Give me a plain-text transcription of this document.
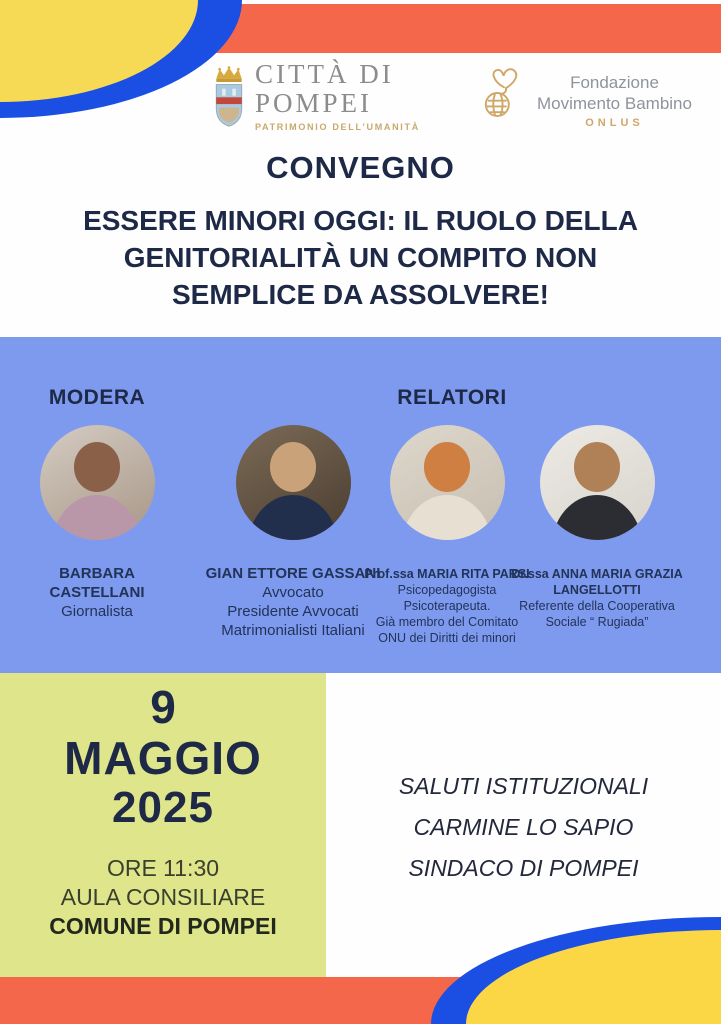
CITTÀ DI
POMPEI
PATRIMONIO DELL'UMANITÀ
Fondazione
Movimento Bambino
ONLUS
CONVEGNO
ESSERE MINORI OGGI: IL RUOLO DELLA
GENITORIALITÀ UN COMPITO NON
SEMPLICE DA ASSOLVERE!
MODERA	RELATORI
BARBARA CASTELLANI
Giornalista
GIAN ETTORE GASSANI
Avvocato
Presidente Avvocati
Matrimonialisti Italiani
Prof.ssa MARIA RITA PARSI
Psicopedagogista
Psicoterapeuta.
Già membro del Comitato
ONU dei Diritti dei minori
Dr.ssa ANNA MARIA GRAZIA LANGELLOTTI
Referente della Cooperativa
Sociale “ Rugiada”
9
MAGGIO
2025
ORE 11:30
AULA CONSILIARE
COMUNE DI POMPEI
SALUTI ISTITUZIONALI
CARMINE LO SAPIO
SINDACO DI POMPEI
